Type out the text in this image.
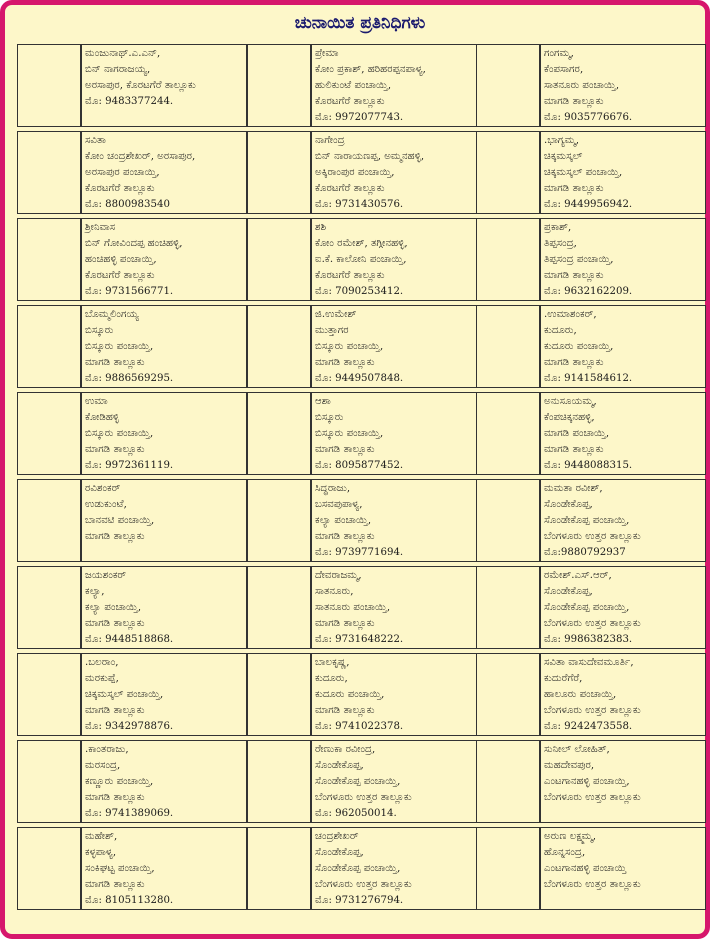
ಚುನಾಯಿತ ಪ್ರತಿನಿಧಿಗಳು
ಮಂಜುನಾಥ್.ಎ.ಎನ್,
ಬಿನ್ ನಾಗರಾಜಯ್ಯ,
ಅರಸಾಪುರ, ಕೊರಟಗೆರೆ ತಾಲ್ಲೂಕು
ಮೊ: 9483377244.
ಪ್ರೇಮಾ
ಕೋಂ ಪ್ರಕಾಶ್, ಹರಿಹರಪ್ಪನಪಾಳ್ಯ,
ಹುಲಿಕುಂಟೆ ಪಂಚಾಯ್ತಿ,
ಕೊರಟಗೆರೆ ತಾಲ್ಲೂಕು
ಮೊ: 9972077743.
ಗಂಗಮ್ಮ,
ಕೆಂಪಸಾಗರ,
ಸಾತನೂರು ಪಂಚಾಯ್ತಿ,
ಮಾಗಡಿ ತಾಲ್ಲೂಕು
ಮೊ: 9035776676.
ಸವಿತಾ
ಕೋಂ ಚಂದ್ರಶೇಖರ್, ಅರಸಾಪುರ,
ಅರಸಾಪುರ ಪಂಚಾಯ್ತಿ,
ಕೊರಟಗೆರೆ ತಾಲ್ಲೂಕು
ಮೊ: 8800983540
ನಾಗೇಂದ್ರ
ಬಿನ್ ನಾರಾಯಣಪ್ಪ, ಅಮ್ಮನಹಳ್ಳಿ,
ಅಕ್ಕಿರಾಂಪುರ ಪಂಚಾಯ್ತಿ,
ಕೊರಟಗೆರೆ ತಾಲ್ಲೂಕು
ಮೊ: 9731430576.
.ಭಾಗ್ಯಮ್ಮ,
ಚಿಕ್ಕಮಸ್ಕಲ್
ಚಿಕ್ಕಮಸ್ಕಲ್ ಪಂಚಾಯ್ತಿ,
ಮಾಗಡಿ ತಾಲ್ಲೂಕು
ಮೊ: 9449956942.
ಶ್ರೀನಿವಾಸ
ಬಿನ್ ಗೋವಿಂದಪ್ಪ ಹಂಚಿಹಳ್ಳಿ,
ಹಂಚಿಹಳ್ಳಿ ಪಂಚಾಯ್ತಿ,
ಕೊರಟಗೆರೆ ತಾಲ್ಲೂಕು
ಮೊ: 9731566771.
ಶಶಿ
ಕೋಂ ರಮೇಶ್, ತಗ್ಗೀನಹಳ್ಳಿ,
ಐ.ಕೆ. ಕಾಲೋನಿ ಪಂಚಾಯ್ತಿ,
ಕೊರಟಗೆರೆ ತಾಲ್ಲೂಕು
ಮೊ: 7090253412.
ಪ್ರಕಾಶ್,
ತಿಪ್ಪಸಂದ್ರ,
ತಿಪ್ಪಸಂದ್ರ ಪಂಚಾಯ್ತಿ,
ಮಾಗಡಿ ತಾಲ್ಲೂಕು
ಮೊ: 9632162209.
ಬೊಮ್ಮಲಿಂಗಯ್ಯ
ಬಿಸ್ಕೂರು
ಬಿಸ್ಕೂರು ಪಂಚಾಯ್ತಿ,
ಮಾಗಡಿ ತಾಲ್ಲೂಕು
ಮೊ: 9886569295.
ಜಿ.ಉಮೇಶ್
ಮುತ್ತಾಗರ
ಬಿಸ್ಕೂರು ಪಂಚಾಯ್ತಿ,
ಮಾಗಡಿ ತಾಲ್ಲೂಕು
ಮೊ: 9449507848.
.ಉಮಾಶಂಕರ್,
ಕುದೂರು,
ಕುದೂರು ಪಂಚಾಯ್ತಿ,
ಮಾಗಡಿ ತಾಲ್ಲೂಕು
ಮೊ: 9141584612.
ಉಮಾ
ಕೋಡಿಹಳ್ಳಿ
ಬಿಸ್ಕೂರು ಪಂಚಾಯ್ತಿ,
ಮಾಗಡಿ ತಾಲ್ಲೂಕು
ಮೊ: 9972361119.
ಆಶಾ
ಬಿಸ್ಕೂರು
ಬಿಸ್ಕೂರು ಪಂಚಾಯ್ತಿ,
ಮಾಗಡಿ ತಾಲ್ಲೂಕು
ಮೊ: 8095877452.
ಅನುಸೂಯಮ್ಮ,
ಕೆಂಪಚಿಕ್ಕನಹಳ್ಳಿ,
ಮಾಗಡಿ ಪಂಚಾಯ್ತಿ,
ಮಾಗಡಿ ತಾಲ್ಲೂಕು
ಮೊ: 9448088315.
ರವಿಶಂಕರ್
ಉಡುಕುಂಟೆ,
ಬಾನವಟಿ ಪಂಚಾಯ್ತಿ,
ಮಾಗಡಿ ತಾಲ್ಲೂಕು
ಸಿದ್ಧರಾಜು,
ಬಸವಪುಪಾಳ್ಯ,
ಕಲ್ಯಾ ಪಂಚಾಯ್ತಿ,
ಮಾಗಡಿ ತಾಲ್ಲೂಕು
ಮೊ: 9739771694.
ಮಮತಾ ರವೀಶ್,
ಸೊಂಡೇಕೊಪ್ಪ,
ಸೊಂಡೇಕೊಪ್ಪ ಪಂಚಾಯ್ತಿ,
ಬೆಂಗಳೂರು ಉತ್ತರ ತಾಲ್ಲೂಕು
ಮೊ:9880792937
ಜಯಶಂಕರ್
ಕಲ್ಯಾ,
ಕಲ್ಯಾ ಪಂಚಾಯ್ತಿ,
ಮಾಗಡಿ ತಾಲ್ಲೂಕು
ಮೊ: 9448518868.
ದೇವರಾಜಮ್ಮ,
ಸಾತನೂರು,
ಸಾತನೂರು ಪಂಚಾಯ್ತಿ,
ಮಾಗಡಿ ತಾಲ್ಲೂಕು
ಮೊ: 9731648222.
ರಮೇಶ್.ಎಸ್.ಆರ್,
ಸೊಂಡೇಕೊಪ್ಪ,
ಸೊಂಡೇಕೊಪ್ಪ ಪಂಚಾಯ್ತಿ,
ಬೆಂಗಳೂರು ಉತ್ತರ ತಾಲ್ಲೂಕು
ಮೊ: 9986382383.
.ಬಲರಾಂ,
ಮರಕುಪ್ಪೆ,
ಚಿಕ್ಕಮಸ್ಕಲ್ ಪಂಚಾಯ್ತಿ,
ಮಾಗಡಿ ತಾಲ್ಲೂಕು
ಮೊ: 9342978876.
ಬಾಲಕೃಷ್ಣ,
ಕುದೂರು,
ಕುದೂರು ಪಂಚಾಯ್ತಿ,
ಮಾಗಡಿ ತಾಲ್ಲೂಕು
ಮೊ: 9741022378.
ಸವಿತಾ ವಾಸುದೇವಮೂರ್ತಿ,
ಕುದುರೆಗೆರೆ,
ಹಾಲೂರು ಪಂಚಾಯ್ತಿ,
ಬೆಂಗಳೂರು ಉತ್ತರ ತಾಲ್ಲೂಕು
ಮೊ: 9242473558.
.ಕಾಂತರಾಜು,
ಮರಸಂದ್ರ,
ಕಣ್ಣೂರು ಪಂಚಾಯ್ತಿ,
ಮಾಗಡಿ ತಾಲ್ಲೂಕು
ಮೊ: 9741389069.
ರೇಣುಕಾ ರವೀಂದ್ರ,
ಸೊಂಡೇಕೊಪ್ಪ,
ಸೊಂಡೇಕೊಪ್ಪ ಪಂಚಾಯ್ತಿ,
ಬೆಂಗಳೂರು ಉತ್ತರ ತಾಲ್ಲೂಕು
ಮೊ: 962050014.
ಸುನೀಲ್ ಲೋಹಿತ್,
ಮಹದೇವಪುರ,
ಎಂಟಗಾನಹಳ್ಳಿ ಪಂಚಾಯ್ತಿ,
ಬೆಂಗಳೂರು ಉತ್ತರ ತಾಲ್ಲೂಕು
ಮಹೇಶ್,
ಕಳ್ಳಪಾಳ್ಯ,
ಸಂಕಿಘಟ್ಟ ಪಂಚಾಯ್ತಿ,
ಮಾಗಡಿ ತಾಲ್ಲೂಕು
ಮೊ: 8105113280.
ಚಂದ್ರಶೇಖರ್
ಸೊಂಡೇಕೊಪ್ಪ,
ಸೊಂಡೇಕೊಪ್ಪ ಪಂಚಾಯ್ತಿ,
ಬೆಂಗಳೂರು ಉತ್ತರ ತಾಲ್ಲೂಕು
ಮೊ: 9731276794.
ಅರುಣ ಲಕ್ಷ್ಮಮ್ಮ,
ಹೊನ್ನಸಂದ್ರ,
ಎಂಟಗಾನಹಳ್ಳಿ ಪಂಚಾಯ್ತಿ
ಬೆಂಗಳೂರು ಉತ್ತರ ತಾಲ್ಲೂಕು
